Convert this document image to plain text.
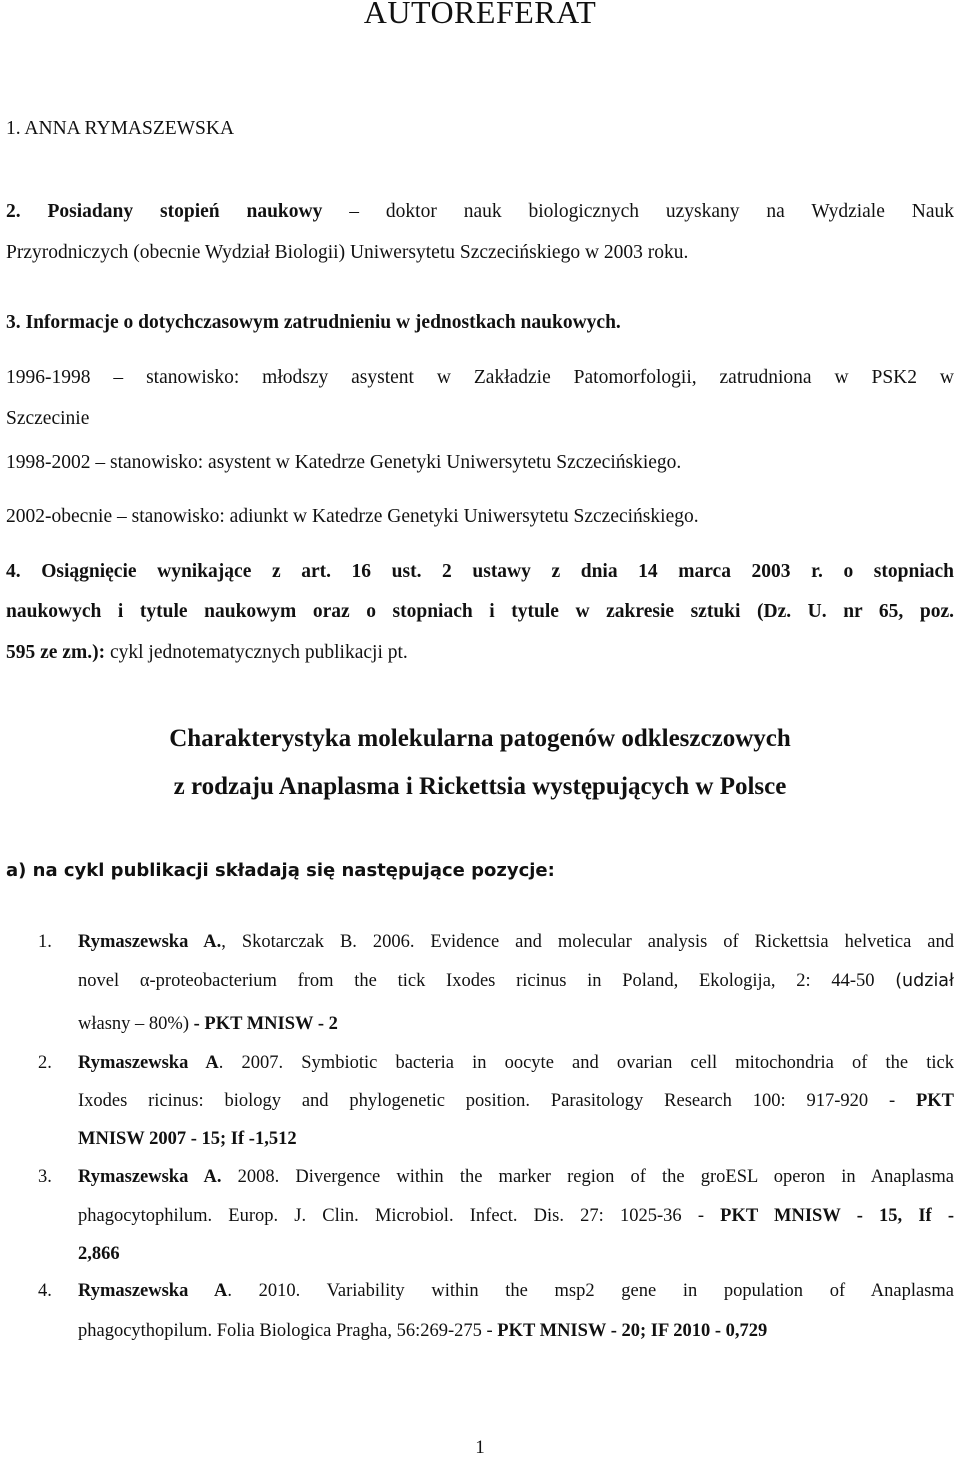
AUTOREFERAT
1. ANNA RYMASZEWSKA
2. Posiadany stopień naukowy – doktor nauk biologicznych uzyskany na Wydziale Nauk
Przyrodniczych (obecnie Wydział Biologii) Uniwersytetu Szczecińskiego w 2003 roku.
3. Informacje o dotychczasowym zatrudnieniu w jednostkach naukowych.
1996-1998 – stanowisko: młodszy asystent w Zakładzie Patomorfologii, zatrudniona w PSK2 w
Szczecinie
1998-2002 – stanowisko: asystent w Katedrze Genetyki Uniwersytetu Szczecińskiego.
2002-obecnie – stanowisko: adiunkt w Katedrze Genetyki Uniwersytetu Szczecińskiego.
4. Osiągnięcie wynikające z art. 16 ust. 2 ustawy z dnia 14 marca 2003 r. o stopniach
naukowych i tytule naukowym oraz o stopniach i tytule w zakresie sztuki (Dz. U. nr 65, poz.
595 ze zm.): cykl jednotematycznych publikacji pt.
Charakterystyka molekularna patogenów odkleszczowych
z rodzaju Anaplasma i Rickettsia występujących w Polsce
a) na cykl publikacji składają się następujące pozycje:
1. Rymaszewska A., Skotarczak B. 2006. Evidence and molecular analysis of Rickettsia helvetica and
novel α-proteobacterium from the tick Ixodes ricinus in Poland, Ekologija, 2: 44-50 (udział
własny – 80%) - PKT MNISW - 2
2. Rymaszewska A. 2007. Symbiotic bacteria in oocyte and ovarian cell mitochondria of the tick
Ixodes ricinus: biology and phylogenetic position. Parasitology Research 100: 917-920 - PKT
MNISW 2007 - 15; If -1,512
3. Rymaszewska A. 2008. Divergence within the marker region of the groESL operon in Anaplasma
phagocytophilum. Europ. J. Clin. Microbiol. Infect. Dis. 27: 1025-36 - PKT MNISW - 15, If -
2,866
4. Rymaszewska A. 2010. Variability within the msp2 gene in population of Anaplasma
phagocythopilum. Folia Biologica Pragha, 56:269-275 - PKT MNISW - 20; IF 2010 - 0,729
1
